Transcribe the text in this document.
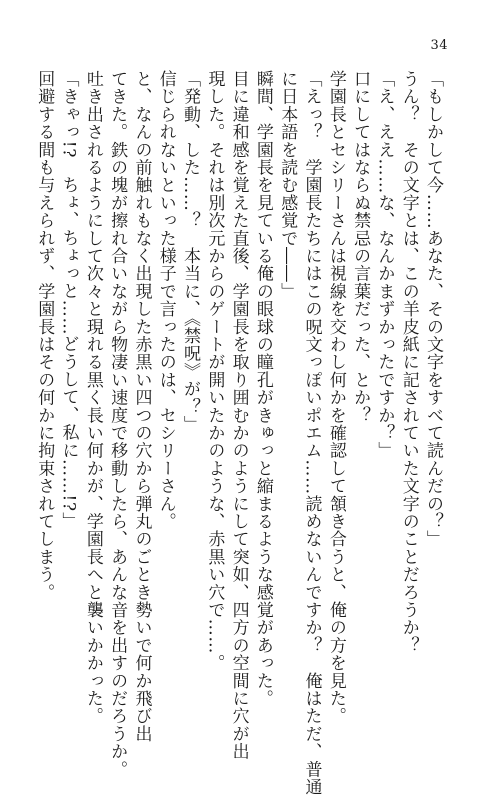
34
「もしかして今……あなた、その文字をすべて読んだの？」
うん？　その文字とは、この羊皮紙に記されていた文字のことだろうか？
「え、ええ……な、なんかまずかったですか？」
口にしてはならぬ禁忌の言葉だった、とか？
学園長とセシリーさんは視線を交わし何かを確認して頷き合うと、俺の方を見た。
「えっ？　学園長たちにはこの呪文っぽいポエム……読めないんですか？　俺はただ、普通
に日本語を読む感覚で――」
瞬間、学園長を見ている俺の眼球の瞳孔がきゅっと縮まるような感覚があった。
目に違和感を覚えた直後、学園長を取り囲むかのようにして突如、四方の空間に穴が出
現した。それは別次元からのゲートが開いたかのような、赤黒い穴で……。
「発動、した……？　本当に、《禁呪》が？」
信じられないといった様子で言ったのは、セシリーさん。
と、なんの前触れもなく出現した赤黒い四つの穴から弾丸のごとき勢いで何か飛び出
てきた。鉄の塊が擦れ合いながら物凄い速度で移動したら、あんな音を出すのだろうか。
吐き出されるようにして次々と現れる黒く長い何かが、学園長へと襲いかかった。
「きゃっ!?　ちょ、ちょっと……どうして、私に……!?」
回避する間も与えられず、学園長はその何かに拘束されてしまう。
